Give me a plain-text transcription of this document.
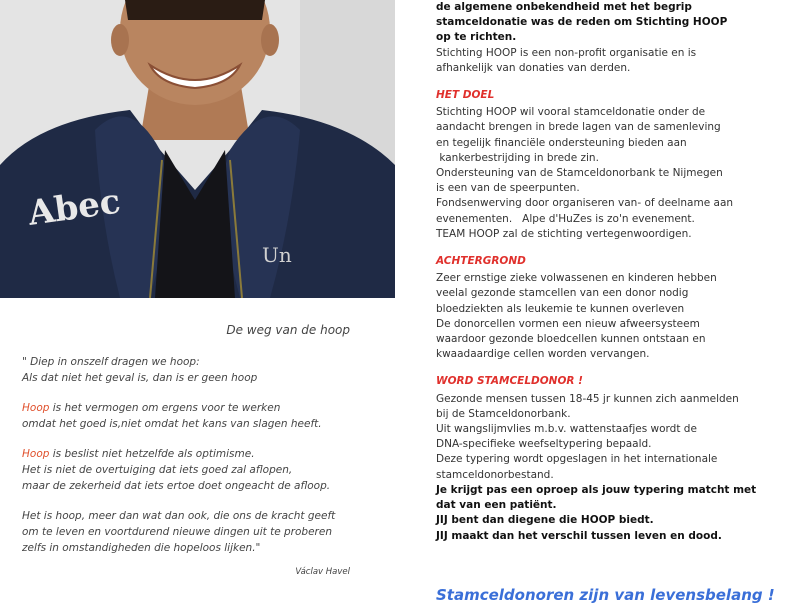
Abec
Un
De weg van de hoop

" Diep in onszelf dragen we hoop:
Als dat niet het geval is, dan is er geen hoop

Hoop is het vermogen om ergens voor te werken
omdat het goed is,niet omdat het kans van slagen heeft.

Hoop is beslist niet hetzelfde als optimisme.
Het is niet de overtuiging dat iets goed zal aflopen,
maar de zekerheid dat iets ertoe doet ongeacht de afloop.

Het is hoop, meer dan wat dan ook, die ons de kracht geeft
om te leven en voortdurend nieuwe dingen uit te proberen
zelfs in omstandigheden die hopeloos lijken."

Václav Havel
de algemene onbekendheid met het begrip
stamceldonatie was de reden om Stichting HOOP
op te richten.
Stichting HOOP is een non-profit organisatie en is
afhankelijk van donaties van derden.
HET DOEL
Stichting HOOP wil vooral stamceldonatie onder de
aandacht brengen in brede lagen van de samenleving
en tegelijk financiële ondersteuning bieden aan
kankerbestrijding in brede zin.
Ondersteuning van de Stamceldonorbank te Nijmegen
is een van de speerpunten.
Fondsenwerving door organiseren van- of deelname aan
evenementen.   Alpe d'HuZes is zo'n evenement.
TEAM HOOP zal de stichting vertegenwoordigen.
ACHTERGROND
Zeer ernstige zieke volwassenen en kinderen hebben
veelal gezonde stamcellen van een donor nodig
bloedziekten als leukemie te kunnen overleven
De donorcellen vormen een nieuw afweersysteem
waardoor gezonde bloedcellen kunnen ontstaan en
kwaadaardige cellen worden vervangen.
WORD STAMCELDONOR !
Gezonde mensen tussen 18-45 jr kunnen zich aanmelden
bij de Stamceldonorbank.
Uit wangslijmvlies m.b.v. wattenstaafjes wordt de
DNA-specifieke weefseltypering bepaald.
Deze typering wordt opgeslagen in het internationale
stamceldonorbestand.
Je krijgt pas een oproep als jouw typering matcht met
dat van een patiënt.
JIJ bent dan diegene die HOOP biedt.
JIJ maakt dan het verschil tussen leven en dood.
Stamceldonoren zijn van levensbelang !
